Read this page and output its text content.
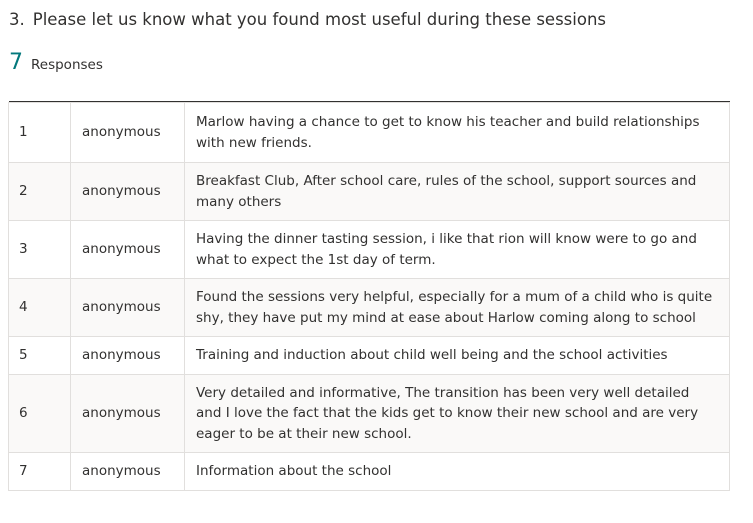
3. Please let us know what you found most useful during these sessions
7 Responses

1	anonymous	Marlow having a chance to get to know his teacher and build relationships with new friends.
2	anonymous	Breakfast Club, After school care, rules of the school, support sources and many others
3	anonymous	Having the dinner tasting session, i like that rion will know were to go and what to expect the 1st day of term.
4	anonymous	Found the sessions very helpful, especially for a mum of a child who is quite shy, they have put my mind at ease about Harlow coming along to school
5	anonymous	Training and induction about child well being and the school activities
6	anonymous	Very detailed and informative, The transition has been very well detailed and I love the fact that the kids get to know their new school and are very eager to be at their new school.
7	anonymous	Information about the school
